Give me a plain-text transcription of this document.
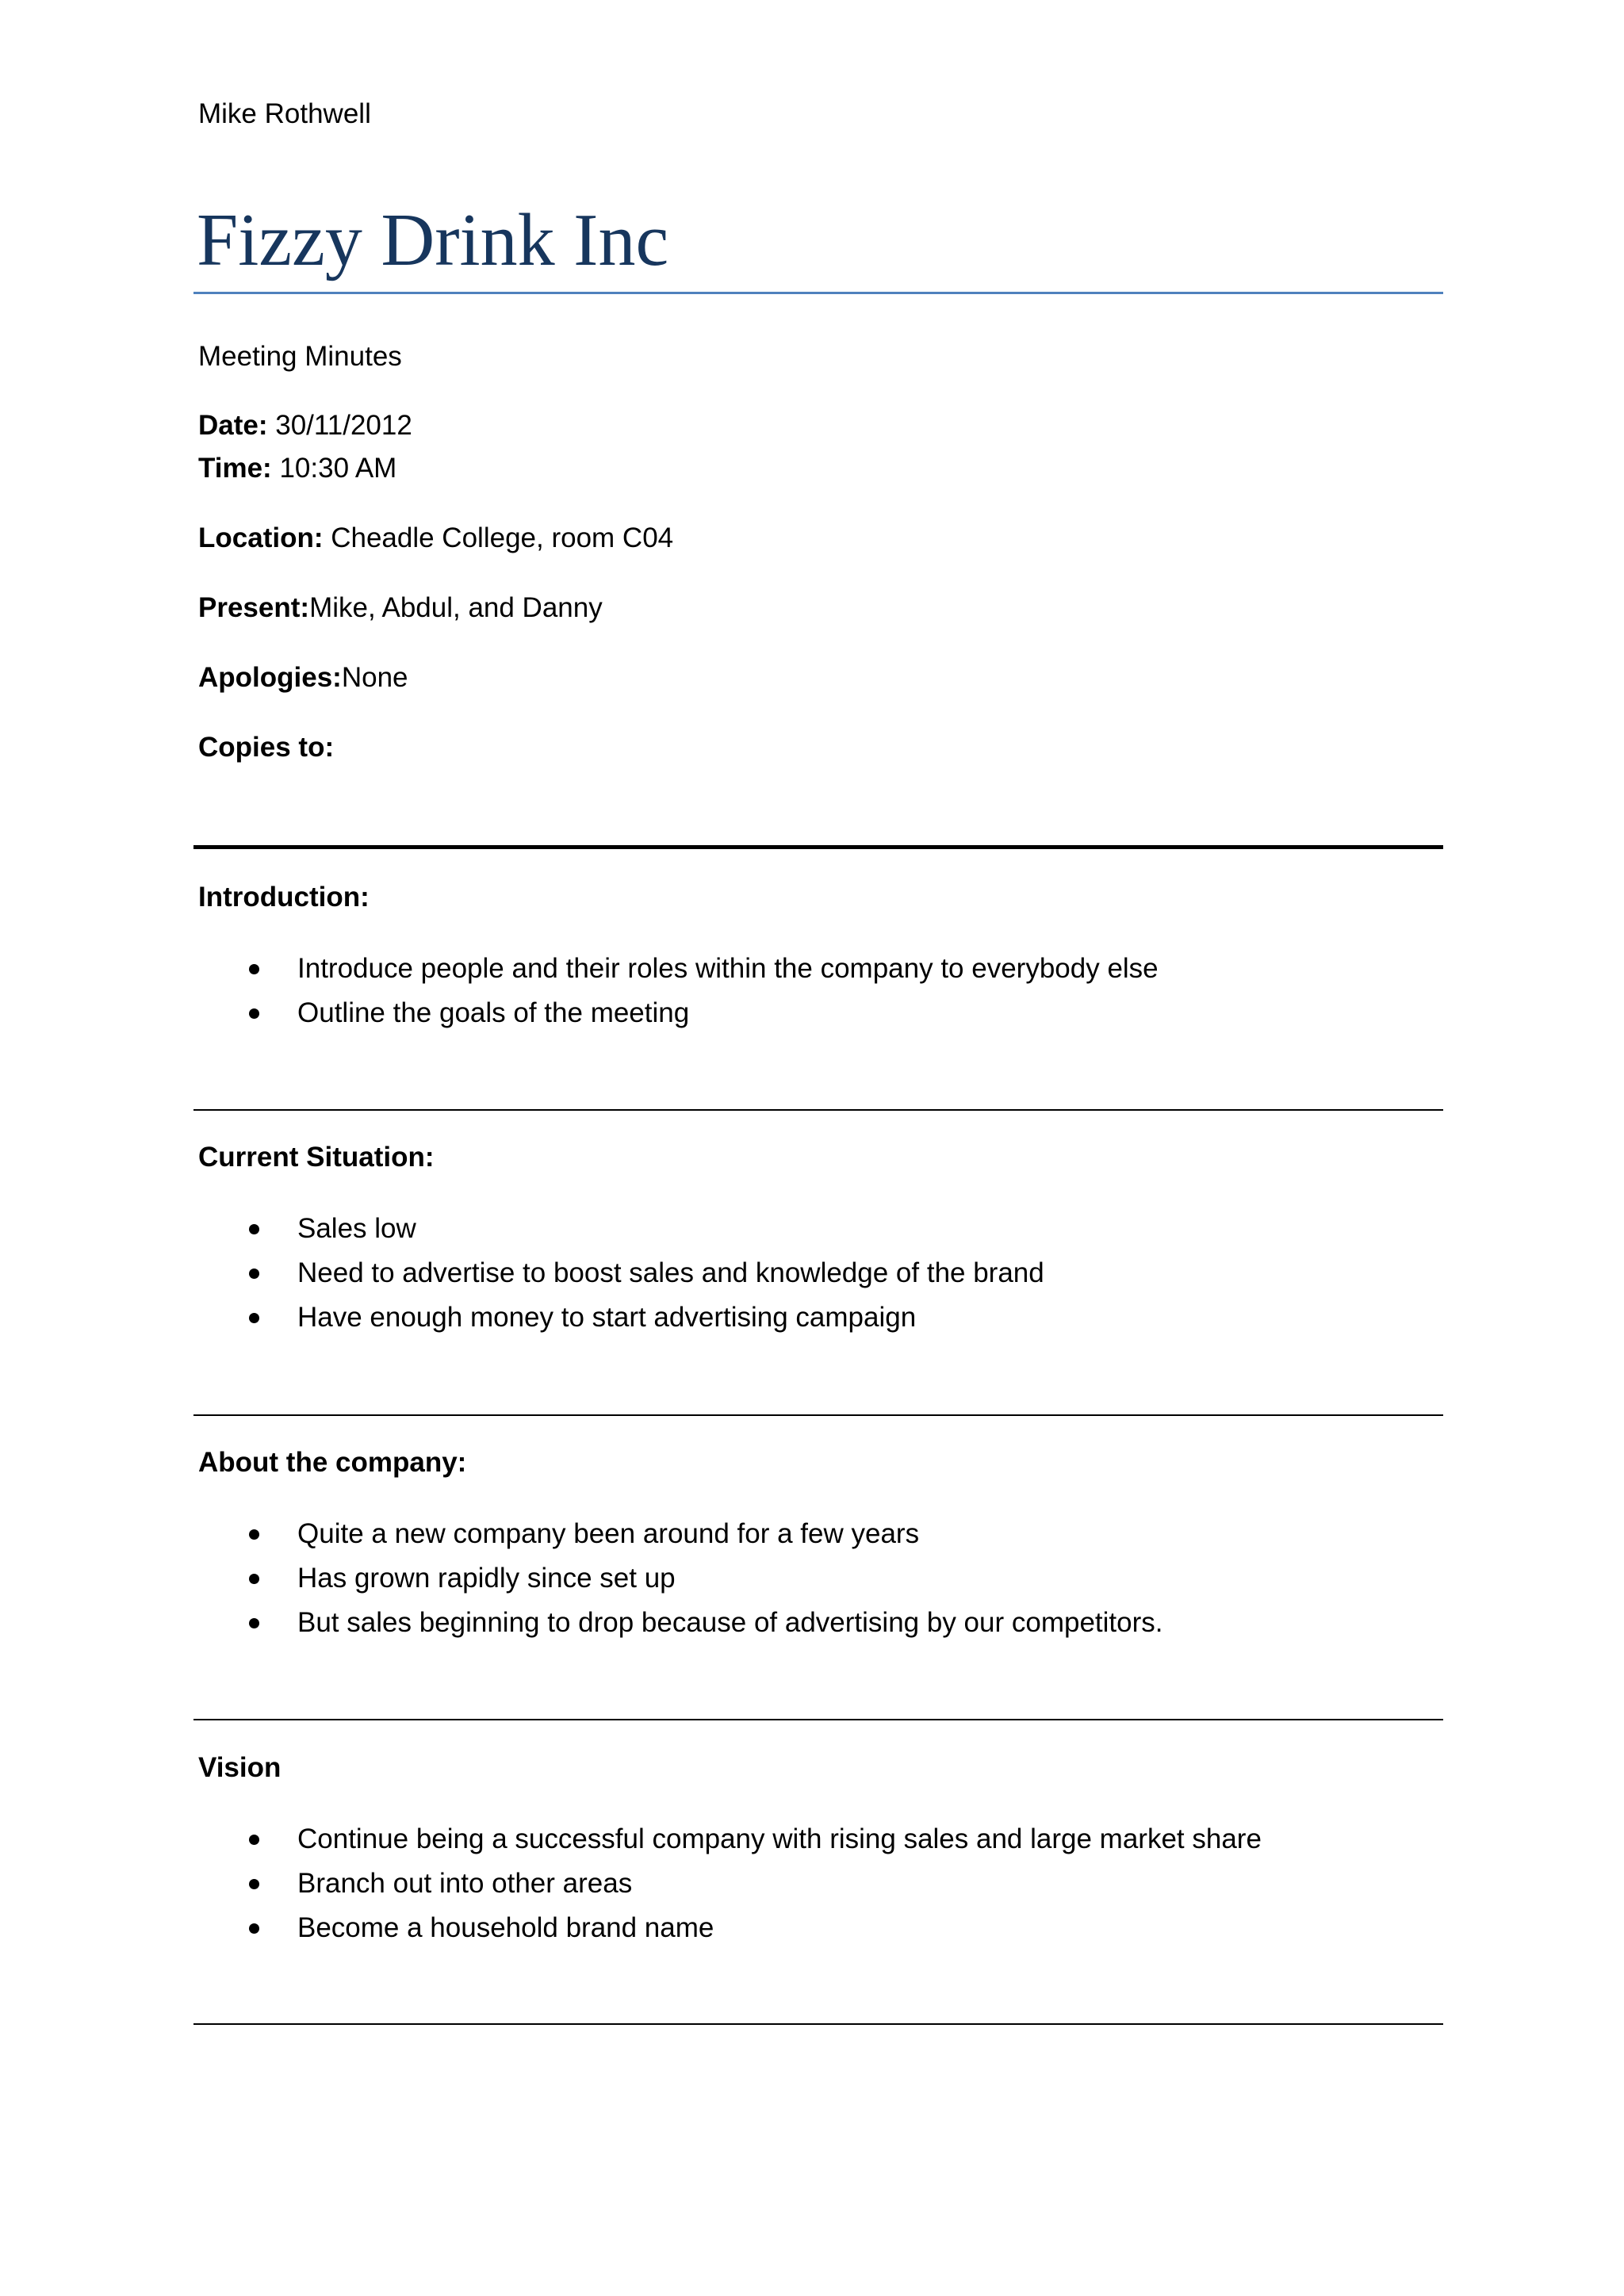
Mike Rothwell
Fizzy Drink Inc
Meeting Minutes
Date: 30/11/2012
Time: 10:30 AM
Location: Cheadle College, room C04
Present:Mike, Abdul, and Danny
Apologies:None
Copies to:
Introduction:
Introduce people and their roles within the company to everybody else
Outline the goals of the meeting
Current Situation:
Sales low
Need to advertise to boost sales and knowledge of the brand
Have enough money to start advertising campaign
About the company:
Quite a new company been around for a few years
Has grown rapidly since set up
But sales beginning to drop because of advertising by our competitors.
Vision
Continue being a successful company with rising sales and large market share
Branch out into other areas
Become a household brand name
